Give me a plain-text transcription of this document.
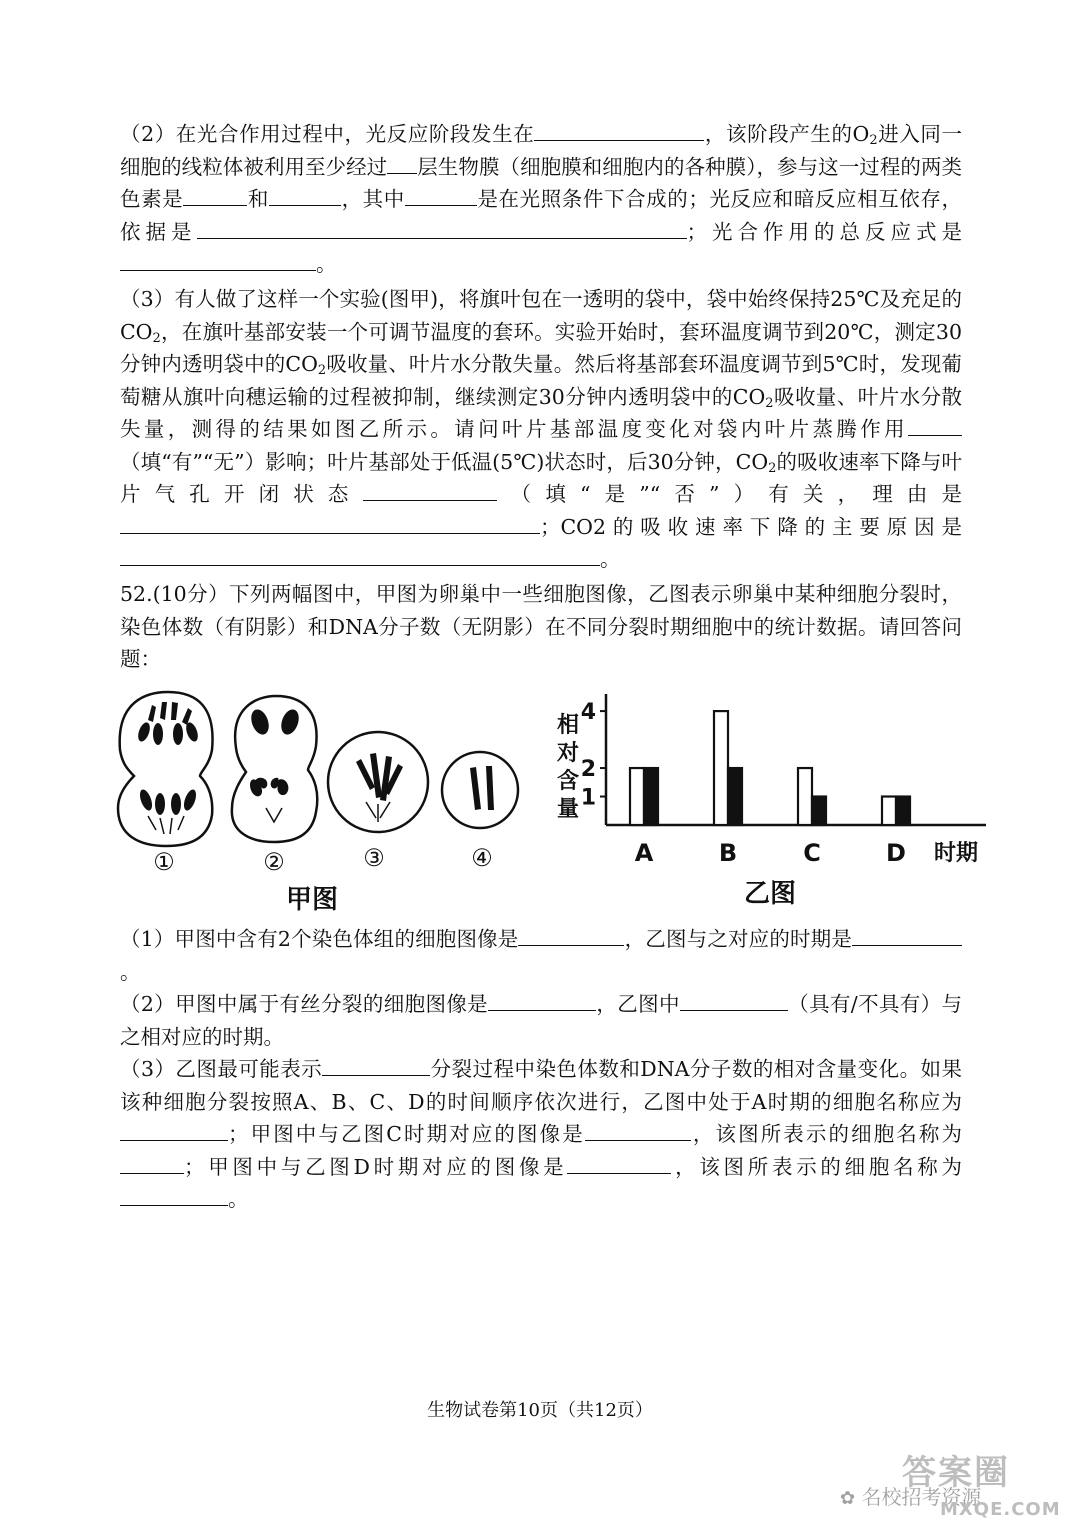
（2）在光合作用过程中，光反应阶段发生在	，该阶段产生的$O_2$进入同一细胞的线粒体被利用至少经过 层生物膜（细胞膜和细胞内的各种膜），参与这一过程的两类色素是	和	，其中	是在光照条件下合成的；光反应和暗反应相互依存，依据是	；光合作用的总反应式是。

（3）有人做了这样一个实验(图甲)，将旗叶包在一透明的袋中，袋中始终保持25℃及充足的$CO_2$，在旗叶基部安装一个可调节温度的套环。实验开始时，套环温度调节到20℃，测定30分钟内透明袋中的$CO_2$吸收量、叶片水分散失量。然后将基部套环温度调节到5℃时，发现葡萄糖从旗叶向穗运输的过程被抑制，继续测定30分钟内透明袋中的$CO_2$吸收量、叶片水分散失量，测得的结果如图乙所示。请问叶片基部温度变化对袋内叶片蒸腾作用（填“有”“无”）影响；叶片基部处于低温(5℃)状态时，后30分钟，$CO_2$的吸收速率下降与叶片气孔开闭状态	（填“是”“否”）有关，理由是；CO2的吸收速率下降的主要原因是。

52.(10分）下列两幅图中，甲图为卵巢中一些细胞图像，乙图表示卵巢中某种细胞分裂时，染色体数（有阴影）和DNA分子数（无阴影）在不同分裂时期细胞中的统计数据。请回答问题：

①	②	③	④
甲图
1
2
4
A	B	C	D
相
对
含
量
时期
乙图

（1）甲图中含有2个染色体组的细胞图像是	，乙图与之对应的时期是。

（2）甲图中属于有丝分裂的细胞图像是	，乙图中	（具有/不具有）与之相对应的时期。

（3）乙图最可能表示	分裂过程中染色体数和DNA分子数的相对含量变化。如果该种细胞分裂按照A、B、C、D的时间顺序依次进行，乙图中处于A时期的细胞名称应为；甲图中与乙图C时期对应的图像是	，该图所表示的细胞名称为；甲图中与乙图D时期对应的图像是	，该图所表示的细胞名称为。

生物试卷第10页（共12页）
答案圈
✿ 名校招考资源
MXQE.COM
